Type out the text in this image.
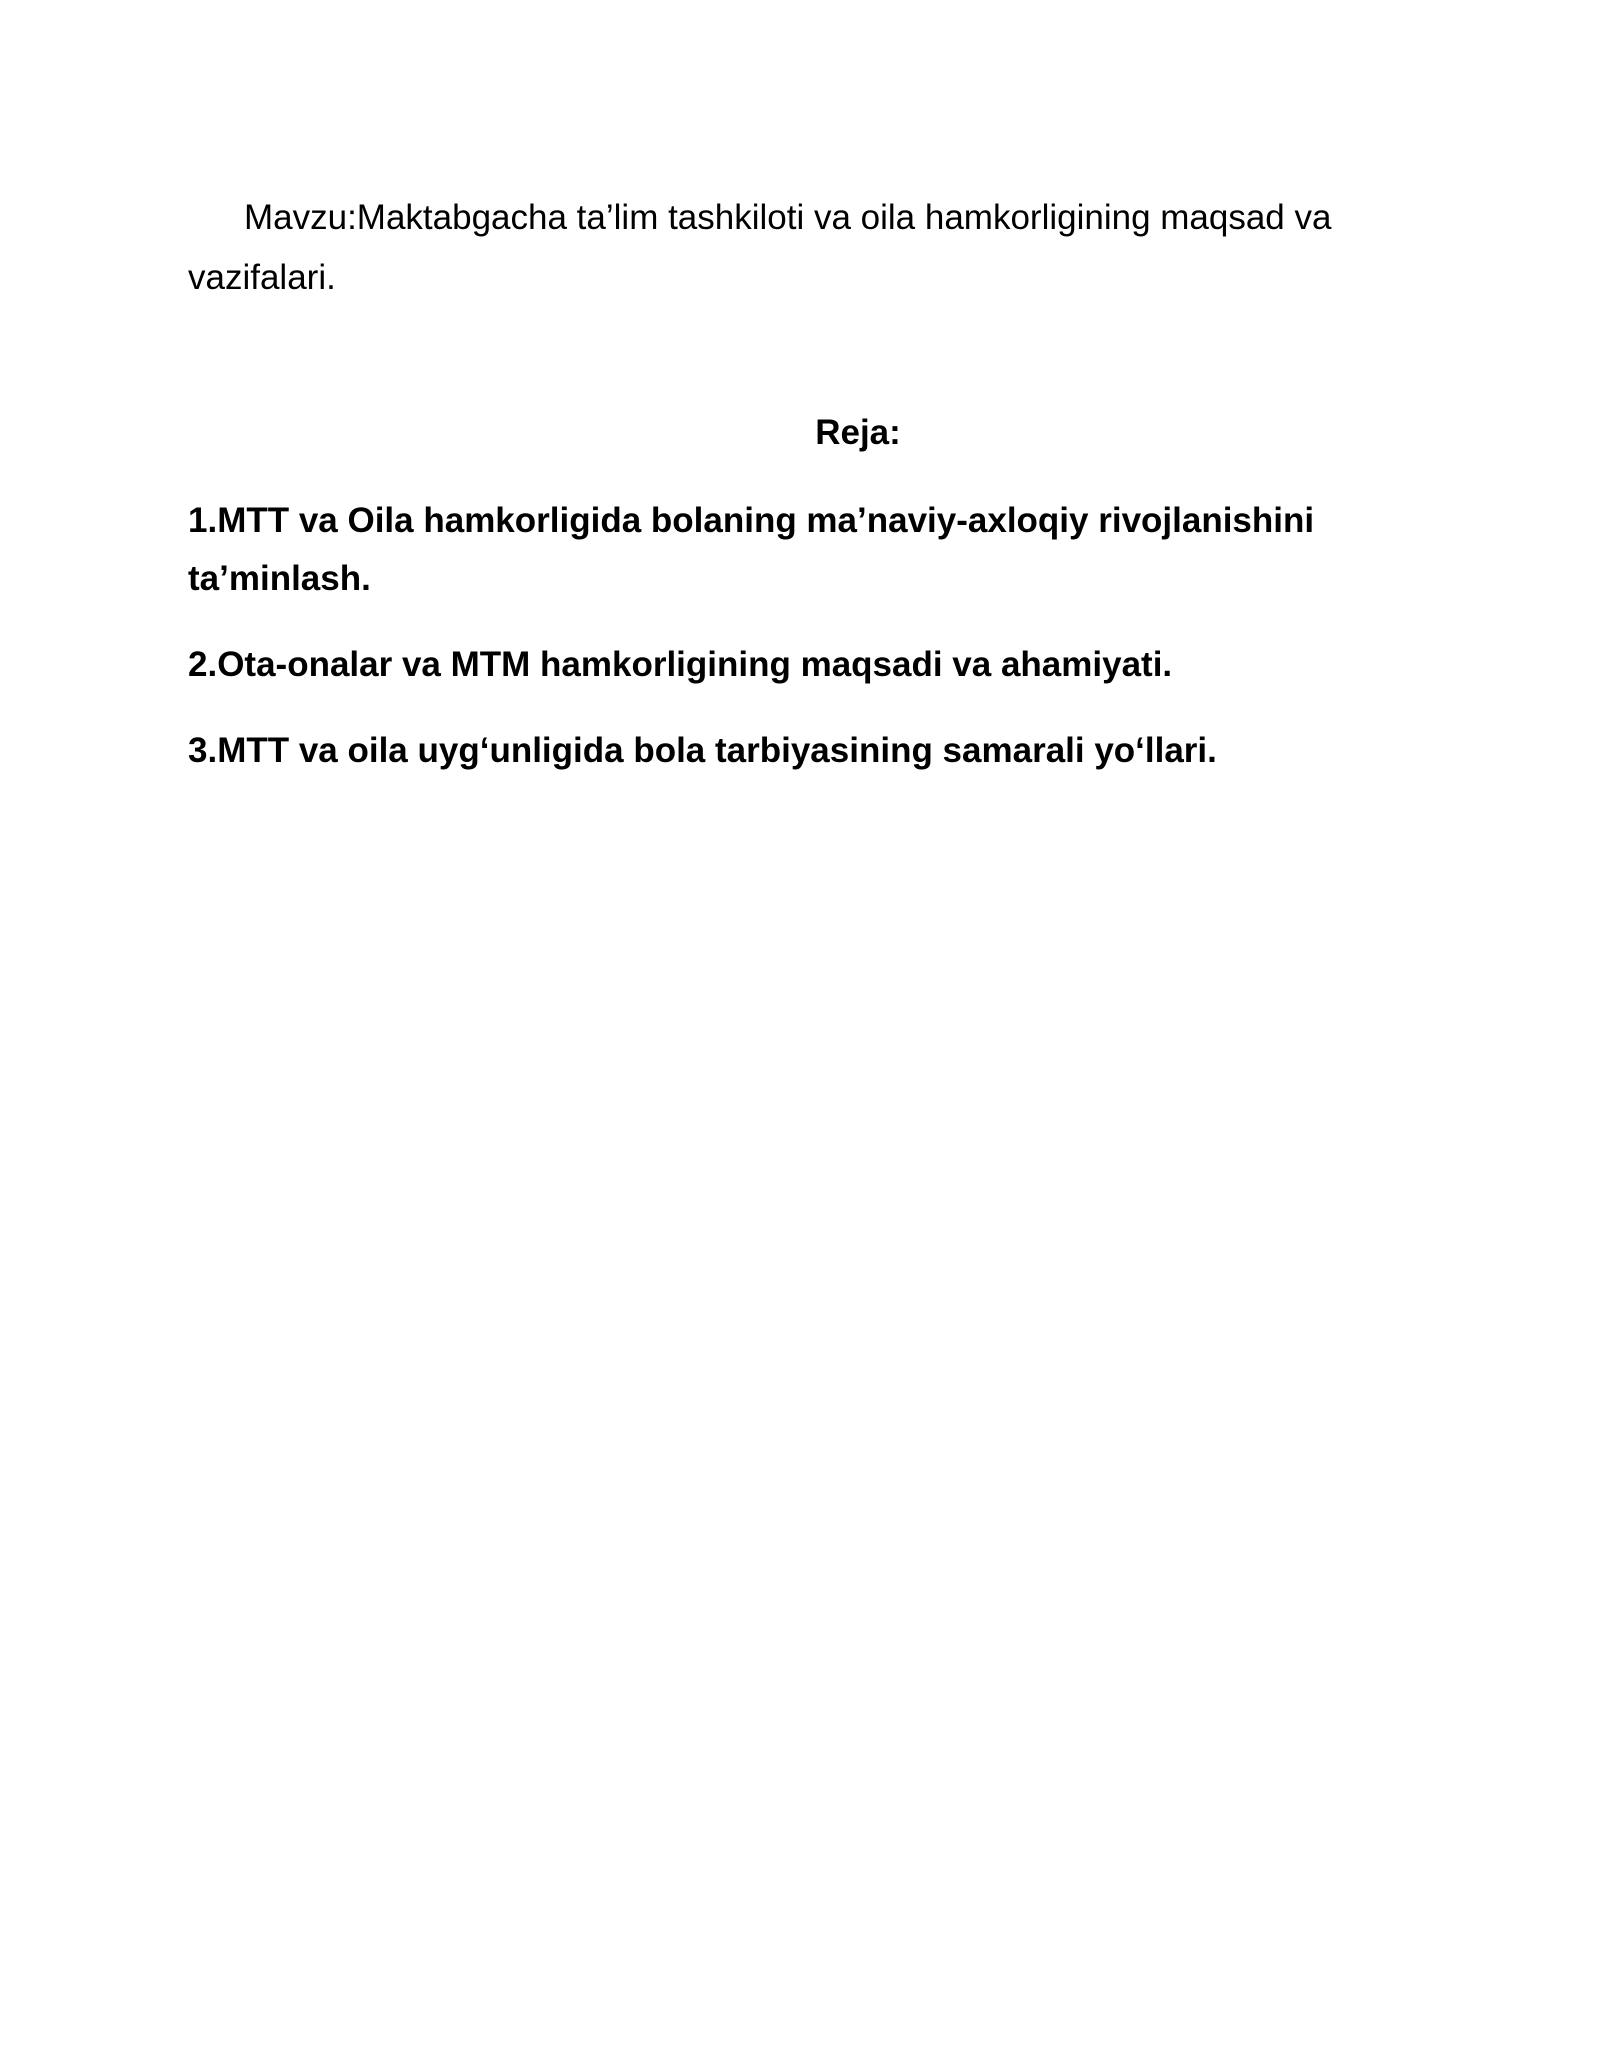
Mavzu:Maktabgacha ta’lim tashkiloti va oila hamkorligining maqsad va vazifalari.

Reja:
1.MTT va Oila hamkorligida bolaning ma’naviy-axloqiy rivojlanishini ta’minlash.
2.Ota-onalar va MTM hamkorligining maqsadi va ahamiyati.
3.MTT va oila uyg‘unligida bola tarbiyasining samarali yo‘llari.
